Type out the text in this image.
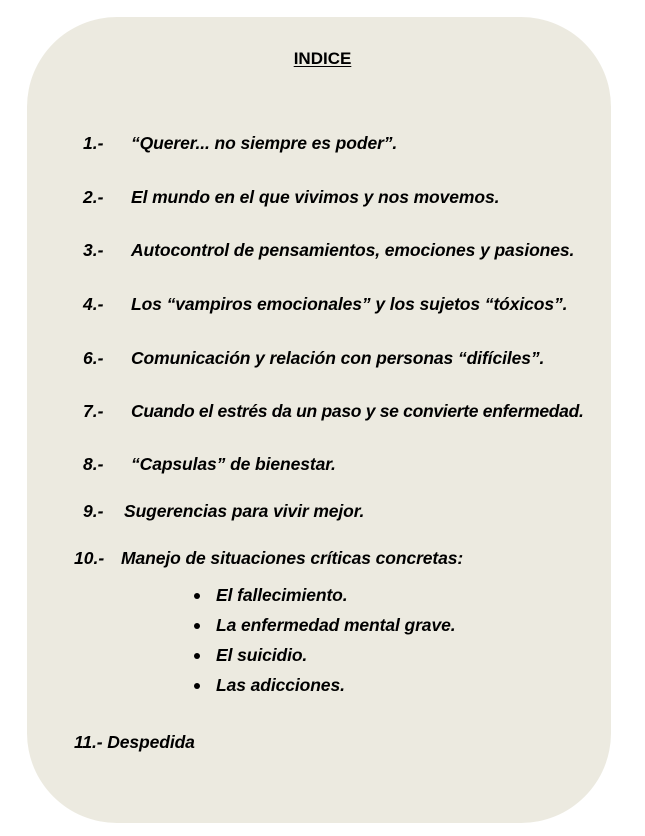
INDICE
1.- “Querer... no siempre es poder”.
2.- El mundo en el que vivimos y nos movemos.
3.- Autocontrol de pensamientos, emociones y pasiones.
4.- Los “vampiros emocionales” y los sujetos “tóxicos”.
6.- Comunicación y relación con personas “difíciles”.
7.- Cuando el estrés da un paso y se convierte enfermedad.
8.- “Capsulas” de bienestar.
9.- Sugerencias para vivir mejor.
10.- Manejo de situaciones críticas concretas:
El fallecimiento.
La enfermedad mental grave.
El suicidio.
Las adicciones.
11.- Despedida
